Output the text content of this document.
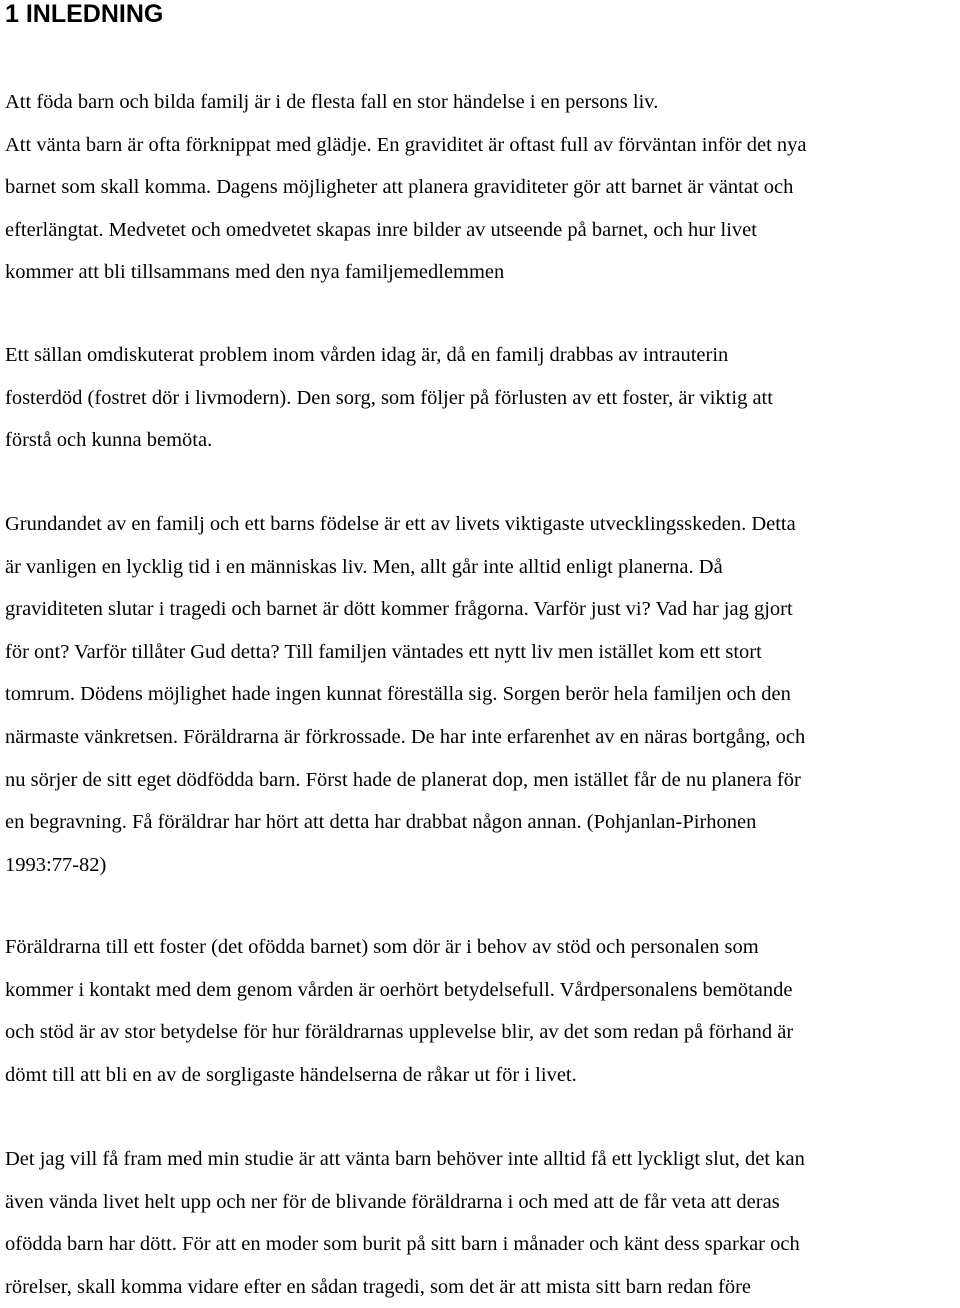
1 INLEDNING
Att föda barn och bilda familj är i de flesta fall en stor händelse i en persons liv.
Att vänta barn är ofta förknippat med glädje. En graviditet är oftast full av förväntan inför det nya
barnet som skall komma. Dagens möjligheter att planera graviditeter gör att barnet är väntat och
efterlängtat. Medvetet och omedvetet skapas inre bilder av utseende på barnet, och hur livet
kommer att bli tillsammans med den nya familjemedlemmen
Ett sällan omdiskuterat problem inom vården idag är, då en familj drabbas av intrauterin
fosterdöd (fostret dör i livmodern). Den sorg, som följer på förlusten av ett foster, är viktig att
förstå och kunna bemöta.
Grundandet av en familj och ett barns födelse är ett av livets viktigaste utvecklingsskeden. Detta
är vanligen en lycklig tid i en människas liv. Men, allt går inte alltid enligt planerna. Då
graviditeten slutar i tragedi och barnet är dött kommer frågorna. Varför just vi? Vad har jag gjort
för ont? Varför tillåter Gud detta? Till familjen väntades ett nytt liv men istället kom ett stort
tomrum. Dödens möjlighet hade ingen kunnat föreställa sig. Sorgen berör hela familjen och den
närmaste vänkretsen. Föräldrarna är förkrossade. De har inte erfarenhet av en näras bortgång, och
nu sörjer de sitt eget dödfödda barn. Först hade de planerat dop, men istället får de nu planera för
en begravning. Få föräldrar har hört att detta har drabbat någon annan. (Pohjanlan-Pirhonen
1993:77-82)
Föräldrarna till ett foster (det ofödda barnet) som dör är i behov av stöd och personalen som
kommer i kontakt med dem genom vården är oerhört betydelsefull. Vårdpersonalens bemötande
och stöd är av stor betydelse för hur föräldrarnas upplevelse blir, av det som redan på förhand är
dömt till att bli en av de sorgligaste händelserna de råkar ut för i livet.
Det jag vill få fram med min studie är att vänta barn behöver inte alltid få ett lyckligt slut, det kan
även vända livet helt upp och ner för de blivande föräldrarna i och med att de får veta att deras
ofödda barn har dött. För att en moder som burit på sitt barn i månader och känt dess sparkar och
rörelser, skall komma vidare efter en sådan tragedi, som det är att mista sitt barn redan före
